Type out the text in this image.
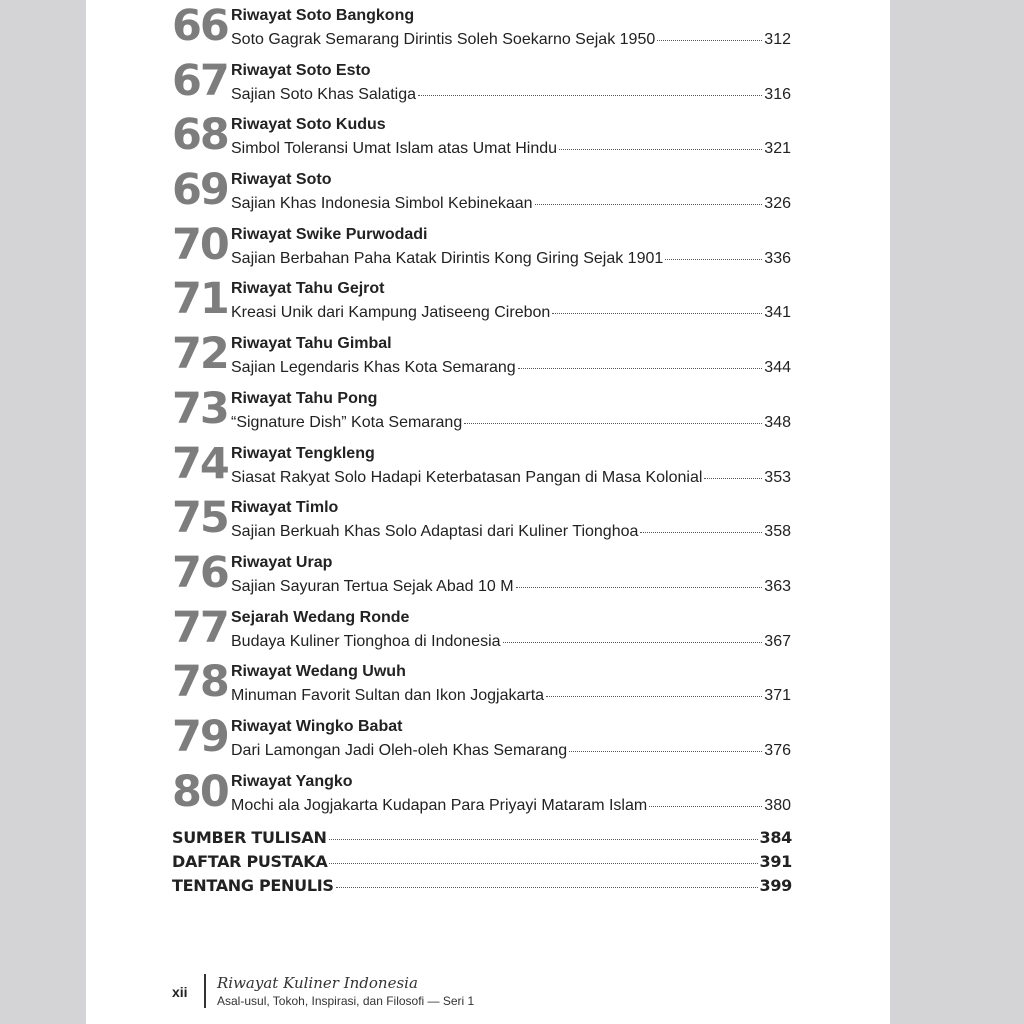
66 Riwayat Soto Bangkong
Soto Gagrak Semarang Dirintis Soleh Soekarno Sejak 1950	312
67 Riwayat Soto Esto
Sajian Soto Khas Salatiga	316
68 Riwayat Soto Kudus
Simbol Toleransi Umat Islam atas Umat Hindu	321
69 Riwayat Soto
Sajian Khas Indonesia Simbol Kebinekaan	326
70 Riwayat Swike Purwodadi
Sajian Berbahan Paha Katak Dirintis Kong Giring Sejak 1901	336
71 Riwayat Tahu Gejrot
Kreasi Unik dari Kampung Jatiseeng Cirebon	341
72 Riwayat Tahu Gimbal
Sajian Legendaris Khas Kota Semarang	344
73 Riwayat Tahu Pong
“Signature Dish” Kota Semarang	348
74 Riwayat Tengkleng
Siasat Rakyat Solo Hadapi Keterbatasan Pangan di Masa Kolonial	353
75 Riwayat Timlo
Sajian Berkuah Khas Solo Adaptasi dari Kuliner Tionghoa	358
76 Riwayat Urap
Sajian Sayuran Tertua Sejak Abad 10 M	363
77 Sejarah Wedang Ronde
Budaya Kuliner Tionghoa di Indonesia	367
78 Riwayat Wedang Uwuh
Minuman Favorit Sultan dan Ikon Jogjakarta	371
79 Riwayat Wingko Babat
Dari Lamongan Jadi Oleh-oleh Khas Semarang	376
80 Riwayat Yangko
Mochi ala Jogjakarta Kudapan Para Priyayi Mataram Islam	380
SUMBER TULISAN	384
DAFTAR PUSTAKA	391
TENTANG PENULIS	399
xii Riwayat Kuliner Indonesia
Asal-usul, Tokoh, Inspirasi, dan Filosofi — Seri 1
